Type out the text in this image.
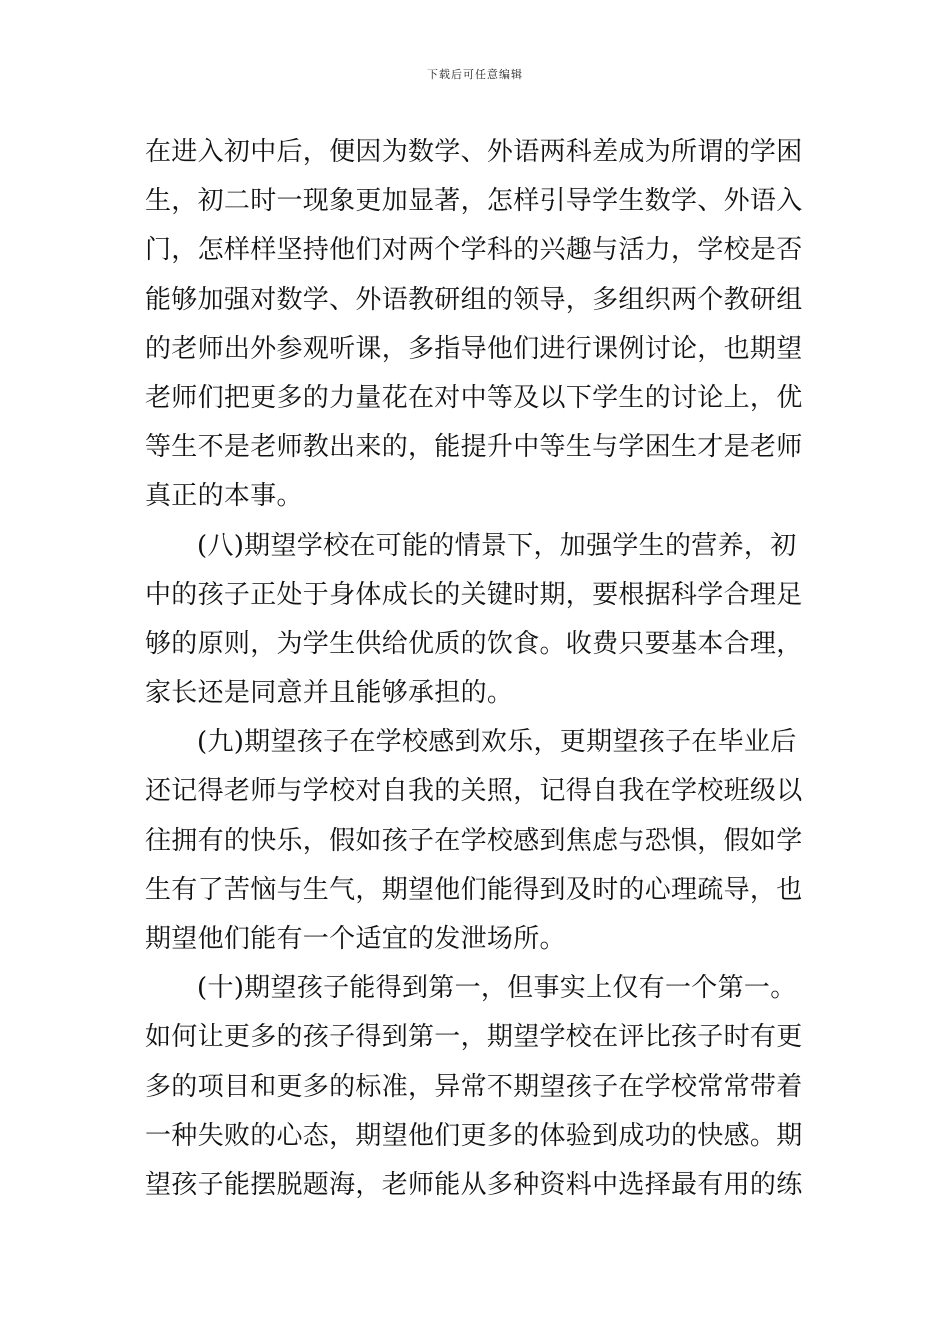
下载后可任意编辑
在进入初中后，便因为数学、外语两科差成为所谓的学困
生，初二时一现象更加显著，怎样引导学生数学、外语入
门，怎样样坚持他们对两个学科的兴趣与活力，学校是否
能够加强对数学、外语教研组的领导，多组织两个教研组
的老师出外参观听课，多指导他们进行课例讨论，也期望
老师们把更多的力量花在对中等及以下学生的讨论上，优
等生不是老师教出来的，能提升中等生与学困生才是老师
真正的本事。
(八)期望学校在可能的情景下，加强学生的营养，初
中的孩子正处于身体成长的关键时期，要根据科学合理足
够的原则，为学生供给优质的饮食。收费只要基本合理，
家长还是同意并且能够承担的。
(九)期望孩子在学校感到欢乐，更期望孩子在毕业后
还记得老师与学校对自我的关照，记得自我在学校班级以
往拥有的快乐，假如孩子在学校感到焦虑与恐惧，假如学
生有了苦恼与生气，期望他们能得到及时的心理疏导，也
期望他们能有一个适宜的发泄场所。
(十)期望孩子能得到第一，但事实上仅有一个第一。
如何让更多的孩子得到第一，期望学校在评比孩子时有更
多的项目和更多的标准，异常不期望孩子在学校常常带着
一种失败的心态，期望他们更多的体验到成功的快感。期
望孩子能摆脱题海，老师能从多种资料中选择最有用的练
